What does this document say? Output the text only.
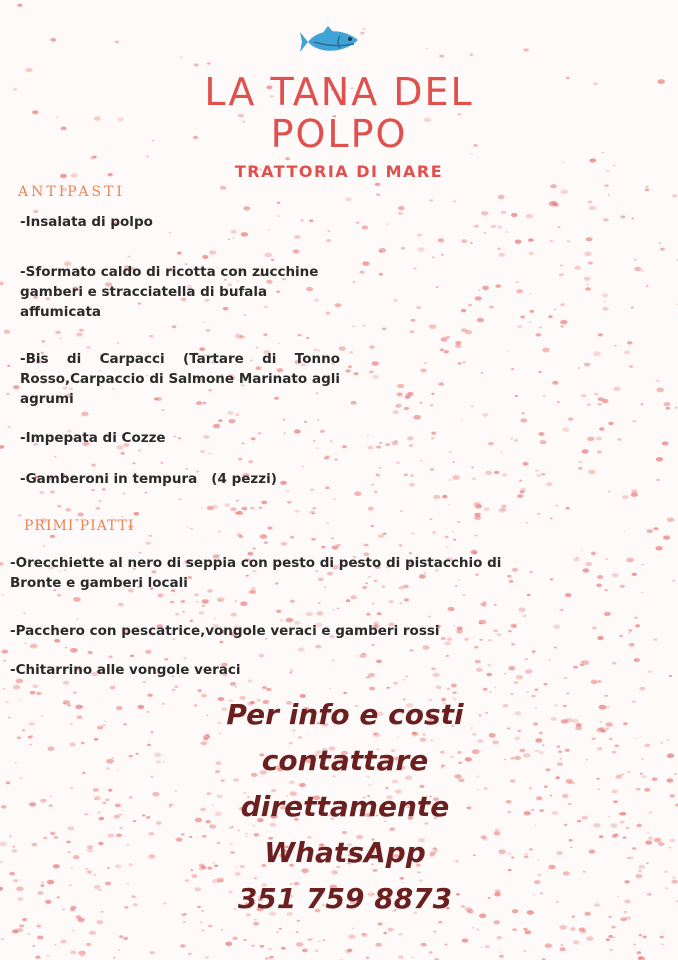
LA TANA DEL
POLPO
TRATTORIA DI MARE
ANTIPASTI
-Insalata di polpo
-Sformato caldo di ricotta con zucchine gamberi e stracciatella di bufala affumicata
-Bis di Carpacci (Tartare di Tonno Rosso,Carpaccio di Salmone Marinato agli agrumi
-Impepata di Cozze
-Gamberoni in tempura   (4 pezzi)
PRIMI PIATTI
-Orecchiette al nero di seppia con pesto di pesto di pistacchio di Bronte e gamberi locali
-Pacchero con pescatrice,vongole veraci e gamberi rossi
-Chitarrino alle vongole veraci
Per info e costi
contattare
direttamente
WhatsApp
351 759 8873
